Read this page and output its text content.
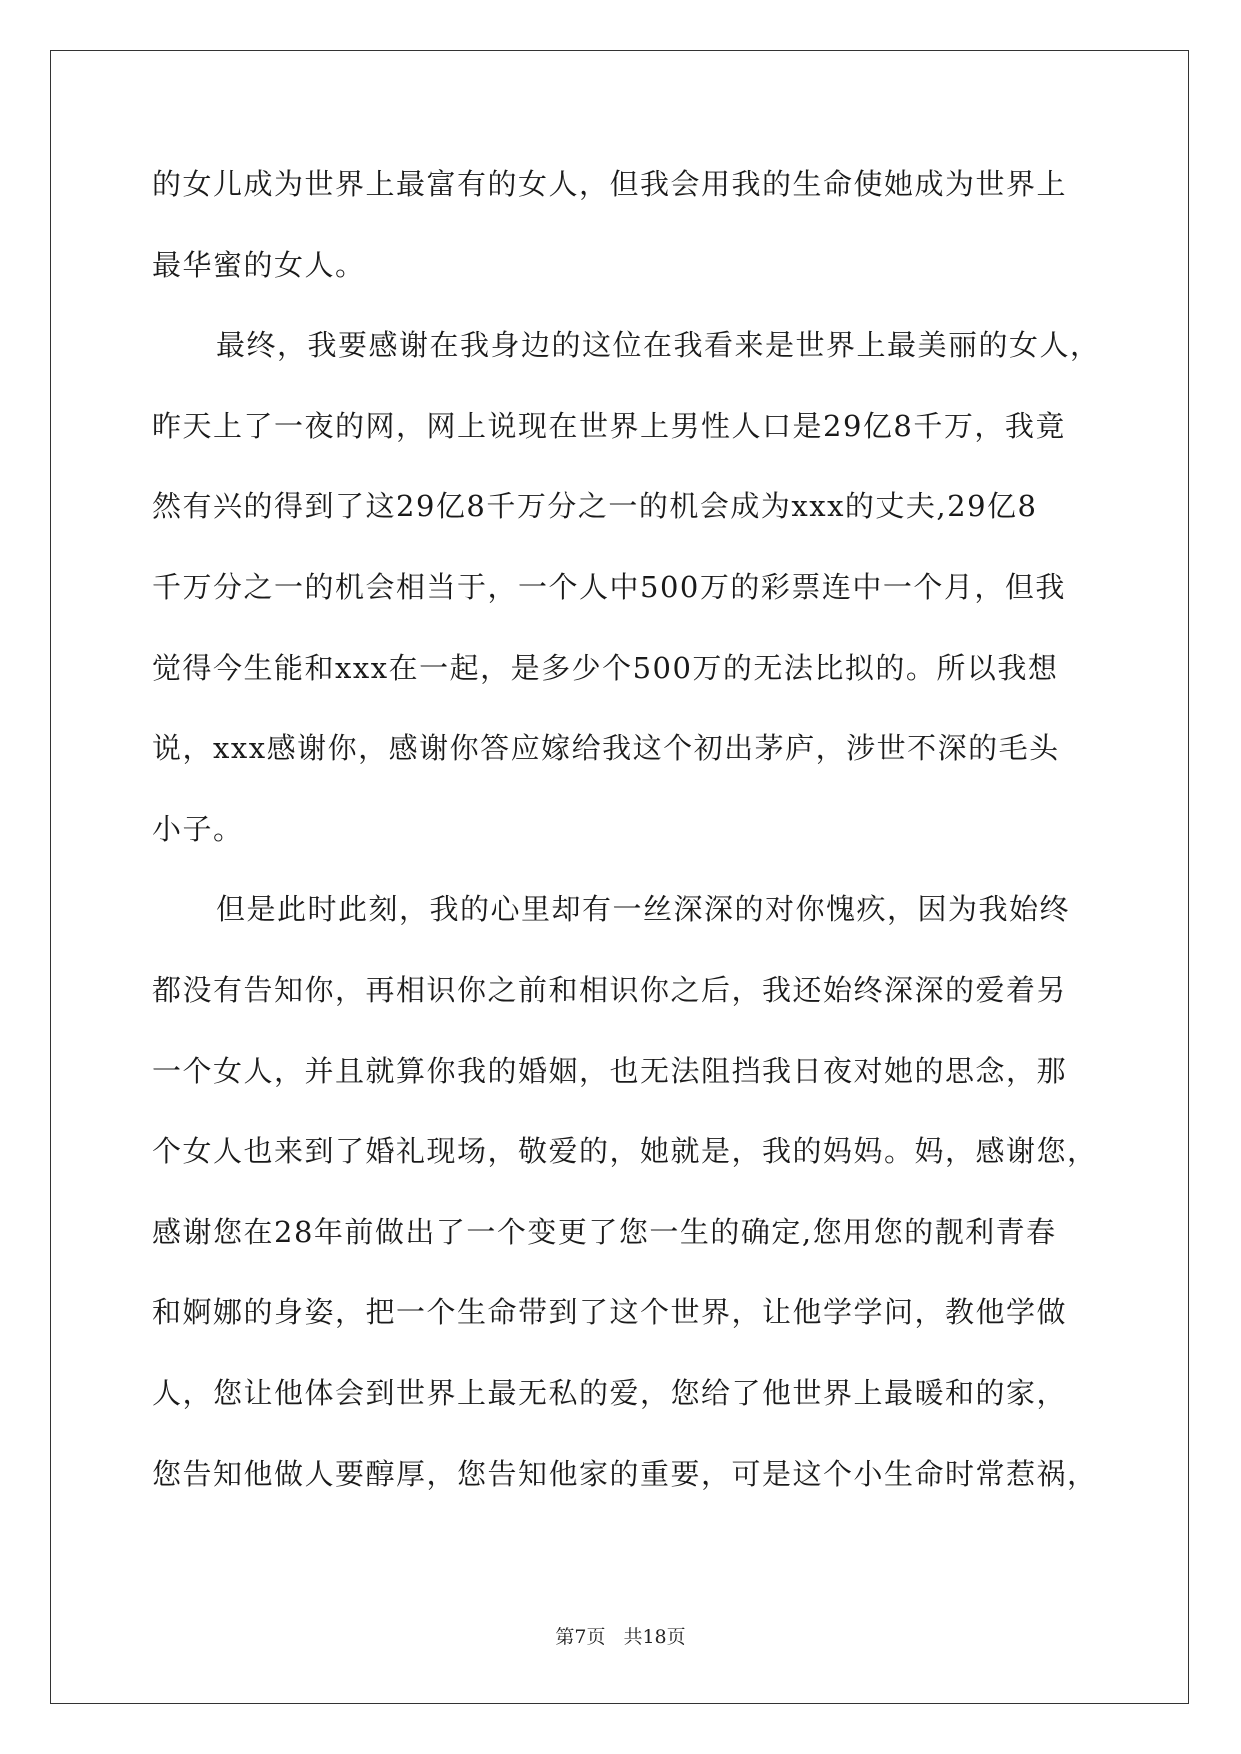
的女儿成为世界上最富有的女人，但我会用我的生命使她成为世界上
最华蜜的女人。
最终，我要感谢在我身边的这位在我看来是世界上最美丽的女人，
昨天上了一夜的网，网上说现在世界上男性人口是29亿8千万，我竟
然有兴的得到了这29亿8千万分之一的机会成为xxx的丈夫,29亿8
千万分之一的机会相当于，一个人中500万的彩票连中一个月，但我
觉得今生能和xxx在一起，是多少个500万的无法比拟的。所以我想
说，xxx感谢你，感谢你答应嫁给我这个初出茅庐，涉世不深的毛头
小子。
但是此时此刻，我的心里却有一丝深深的对你愧疚，因为我始终
都没有告知你，再相识你之前和相识你之后，我还始终深深的爱着另
一个女人，并且就算你我的婚姻，也无法阻挡我日夜对她的思念，那
个女人也来到了婚礼现场，敬爱的，她就是，我的妈妈。妈，感谢您，
感谢您在28年前做出了一个变更了您一生的确定,您用您的靓利青春
和婀娜的身姿，把一个生命带到了这个世界，让他学学问，教他学做
人，您让他体会到世界上最无私的爱，您给了他世界上最暖和的家，
您告知他做人要醇厚，您告知他家的重要，可是这个小生命时常惹祸，
第7页 共18页
